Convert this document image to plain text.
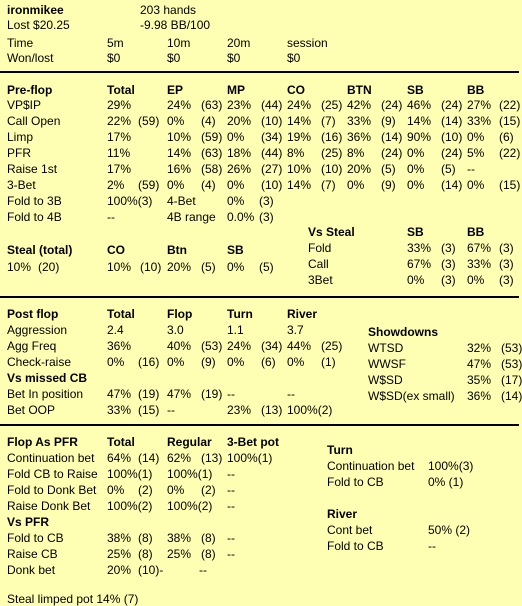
ironmikee	203 hands
Lost $20.25	-9.98 BB/100
Time	5m	10m	20m	session
Won/lost	$0	$0	$0	$0
Pre-flop	Total	EP	MP	CO	BTN	SB	BB
VP$IP	29%	24% (63) 23% (44) 24% (25) 42% (24) 46% (24) 27% (22)
Call Open	22% (59) 0% (4) 20% (10) 14% (7) 33% (9) 14% (14) 33% (15)
Limp	17%	10% (59) 0% (34) 19% (16) 36% (14) 90% (10) 0% (6)
PFR	11%	14% (63) 18% (44) 8% (25) 8% (24) 0% (24) 5% (22)
Raise 1st	17%	16% (58) 26% (27) 10% (10) 20% (5) 0% (5) --
3-Bet	2% (59) 0% (4) 0% (10) 14% (7) 0% (9) 0% (14) 0% (15)
Fold to 3B	100%(3) 4-Bet	0% (3)
Fold to 4B	--	4B range 0.0% (3)
Vs Steal	SB	BB
Fold	33% (3) 67% (3)
Call	67% (3) 33% (3)
3Bet	0% (3) 0% (3)
Steal (total)	CO	Btn	SB
10% (20)	10% (10) 20% (5) 0% (5)
Post flop	Total	Flop	Turn	River
Aggression	2.4	3.0	1.1	3.7
Agg Freq	36%	40% (53) 24% (34) 44% (25)
Check-raise	0% (16) 0% (9) 0% (6) 0% (1)
Vs missed CB
Bet In position 47% (19) 47% (19) --	--
Bet OOP	33% (15) --	23% (13) 100%(2)
Showdowns
WTSD	32% (53)
WWSF	47% (53)
W$SD	35% (17)
W$SD(ex small) 36% (14)
Flop As PFR Total	Regular 3-Bet pot
Continuation bet 64% (14) 62% (13) 100%(1)
Fold CB to Raise 100%(1) 100%(1) --
Fold to Donk Bet 0% (2) 0% (2) --
Raise Donk Bet 100%(2) 100%(2) --
Vs PFR
Fold to CB	38% (8) 38% (8) --
Raise CB	25% (8) 25% (8) --
Donk bet	20% (10)-	--
Steal limped pot 14% (7)
Turn
Continuation bet 100%(3)
Fold to CB	0% (1)
River
Cont bet	50% (2)
Fold to CB	--
